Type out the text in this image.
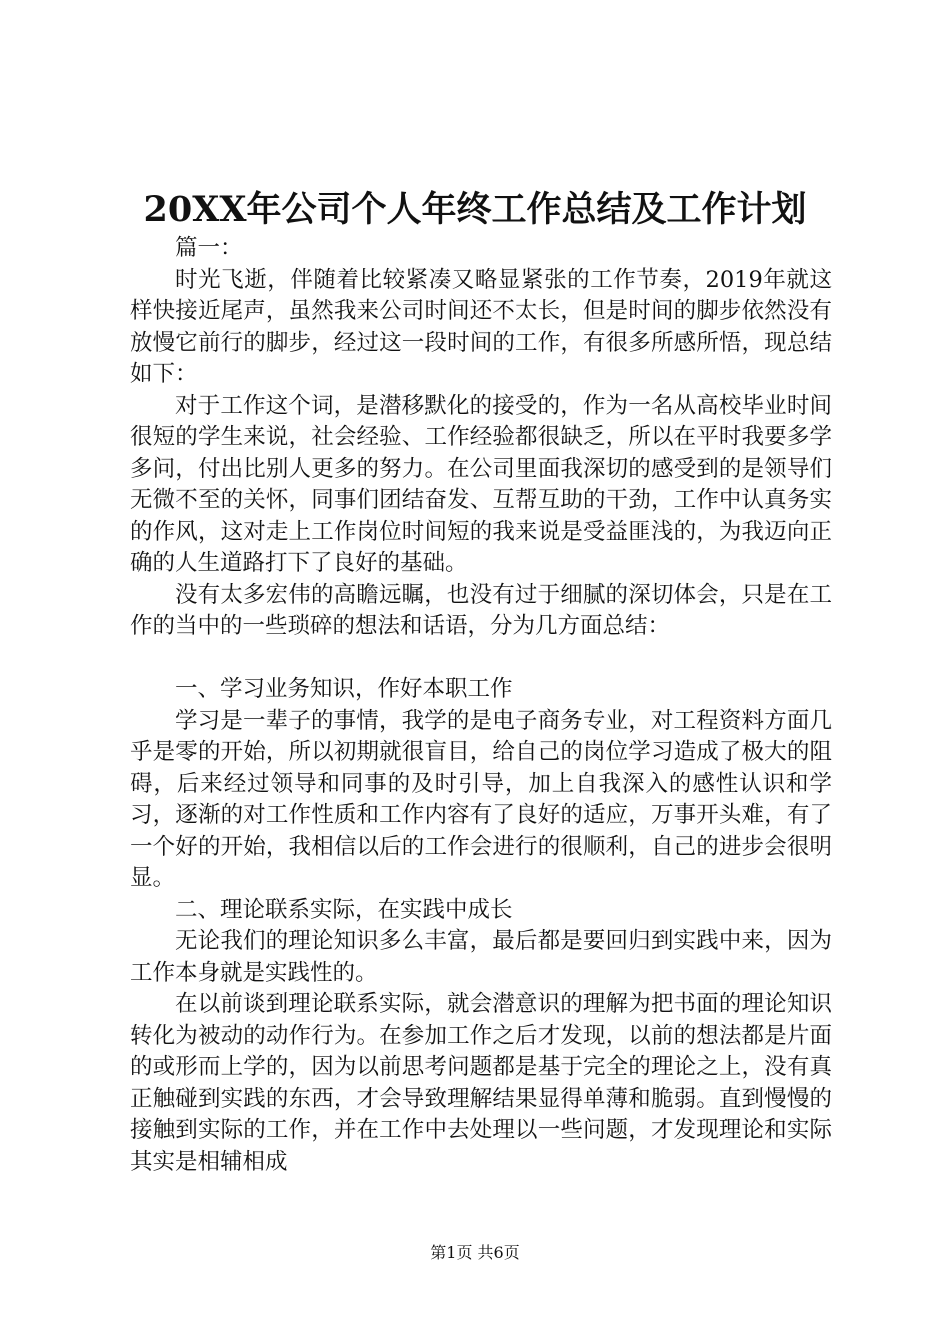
20XX年公司个人年终工作总结及工作计划

篇一：

时光飞逝，伴随着比较紧凑又略显紧张的工作节奏，2019年就这样快接近尾声，虽然我来公司时间还不太长，但是时间的脚步依然没有放慢它前行的脚步，经过这一段时间的工作，有很多所感所悟，现总结如下：

对于工作这个词，是潜移默化的接受的，作为一名从高校毕业时间很短的学生来说，社会经验、工作经验都很缺乏，所以在平时我要多学多问，付出比别人更多的努力。在公司里面我深切的感受到的是领导们无微不至的关怀，同事们团结奋发、互帮互助的干劲，工作中认真务实的作风，这对走上工作岗位时间短的我来说是受益匪浅的，为我迈向正确的人生道路打下了良好的基础。

没有太多宏伟的高瞻远瞩，也没有过于细腻的深切体会，只是在工作的当中的一些琐碎的想法和话语，分为几方面总结：

一、学习业务知识，作好本职工作

学习是一辈子的事情，我学的是电子商务专业，对工程资料方面几乎是零的开始，所以初期就很盲目，给自己的岗位学习造成了极大的阻碍，后来经过领导和同事的及时引导，加上自我深入的感性认识和学习，逐渐的对工作性质和工作内容有了良好的适应，万事开头难，有了一个好的开始，我相信以后的工作会进行的很顺利，自己的进步会很明显。

二、理论联系实际，在实践中成长

无论我们的理论知识多么丰富，最后都是要回归到实践中来，因为工作本身就是实践性的。

在以前谈到理论联系实际，就会潜意识的理解为把书面的理论知识转化为被动的动作行为。在参加工作之后才发现，以前的想法都是片面的或形而上学的，因为以前思考问题都是基于完全的理论之上，没有真正触碰到实践的东西，才会导致理解结果显得单薄和脆弱。直到慢慢的接触到实际的工作，并在工作中去处理以一些问题，才发现理论和实际其实是相辅相成

第1页 共6页
